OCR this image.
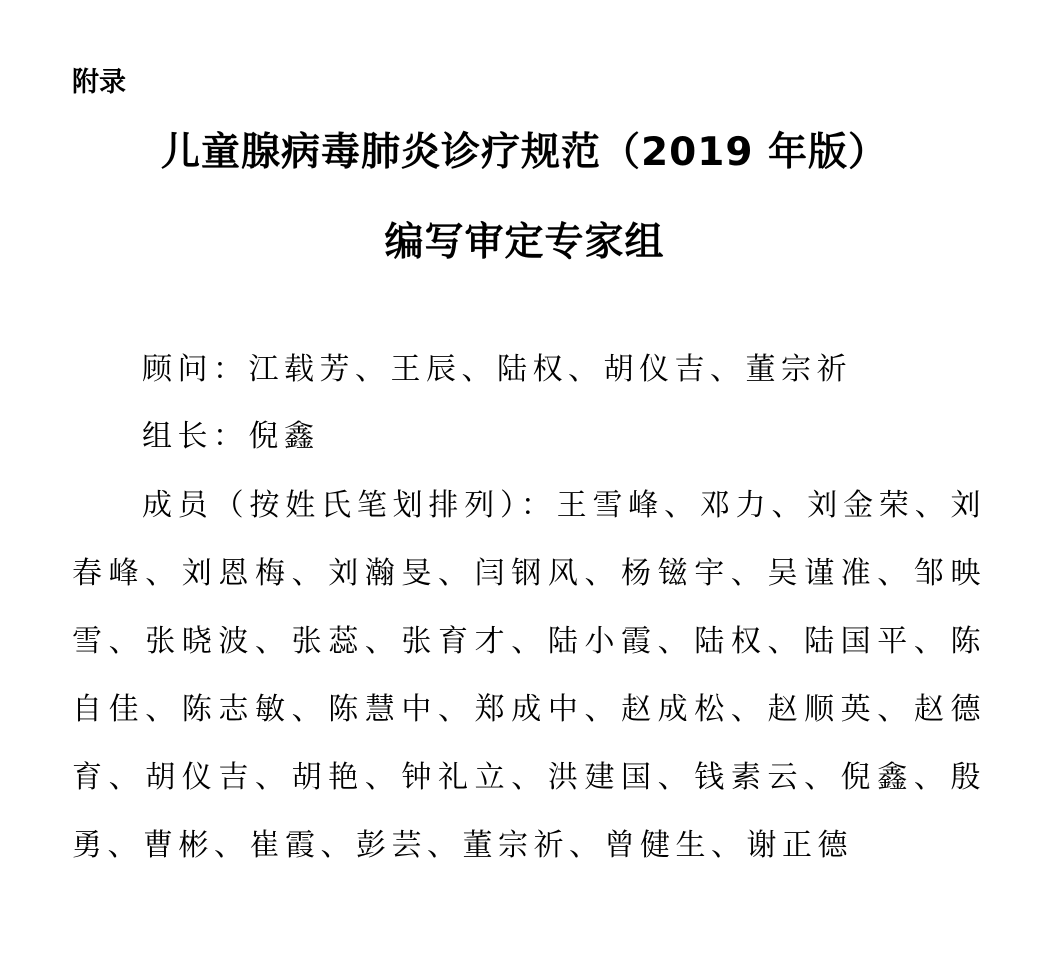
附录
儿童腺病毒肺炎诊疗规范（2019 年版）
编写审定专家组
顾问：江载芳、王辰、陆权、胡仪吉、董宗祈
组长：倪鑫
成员（按姓氏笔划排列）：王雪峰、邓力、刘金荣、刘春峰、刘恩梅、刘瀚旻、闫钢风、杨镃宇、吴谨准、邹映雪、张晓波、张蕊、张育才、陆小霞、陆权、陆国平、陈自佳、陈志敏、陈慧中、郑成中、赵成松、赵顺英、赵德育、胡仪吉、胡艳、钟礼立、洪建国、钱素云、倪鑫、殷勇、曹彬、崔霞、彭芸、董宗祈、曾健生、谢正德
